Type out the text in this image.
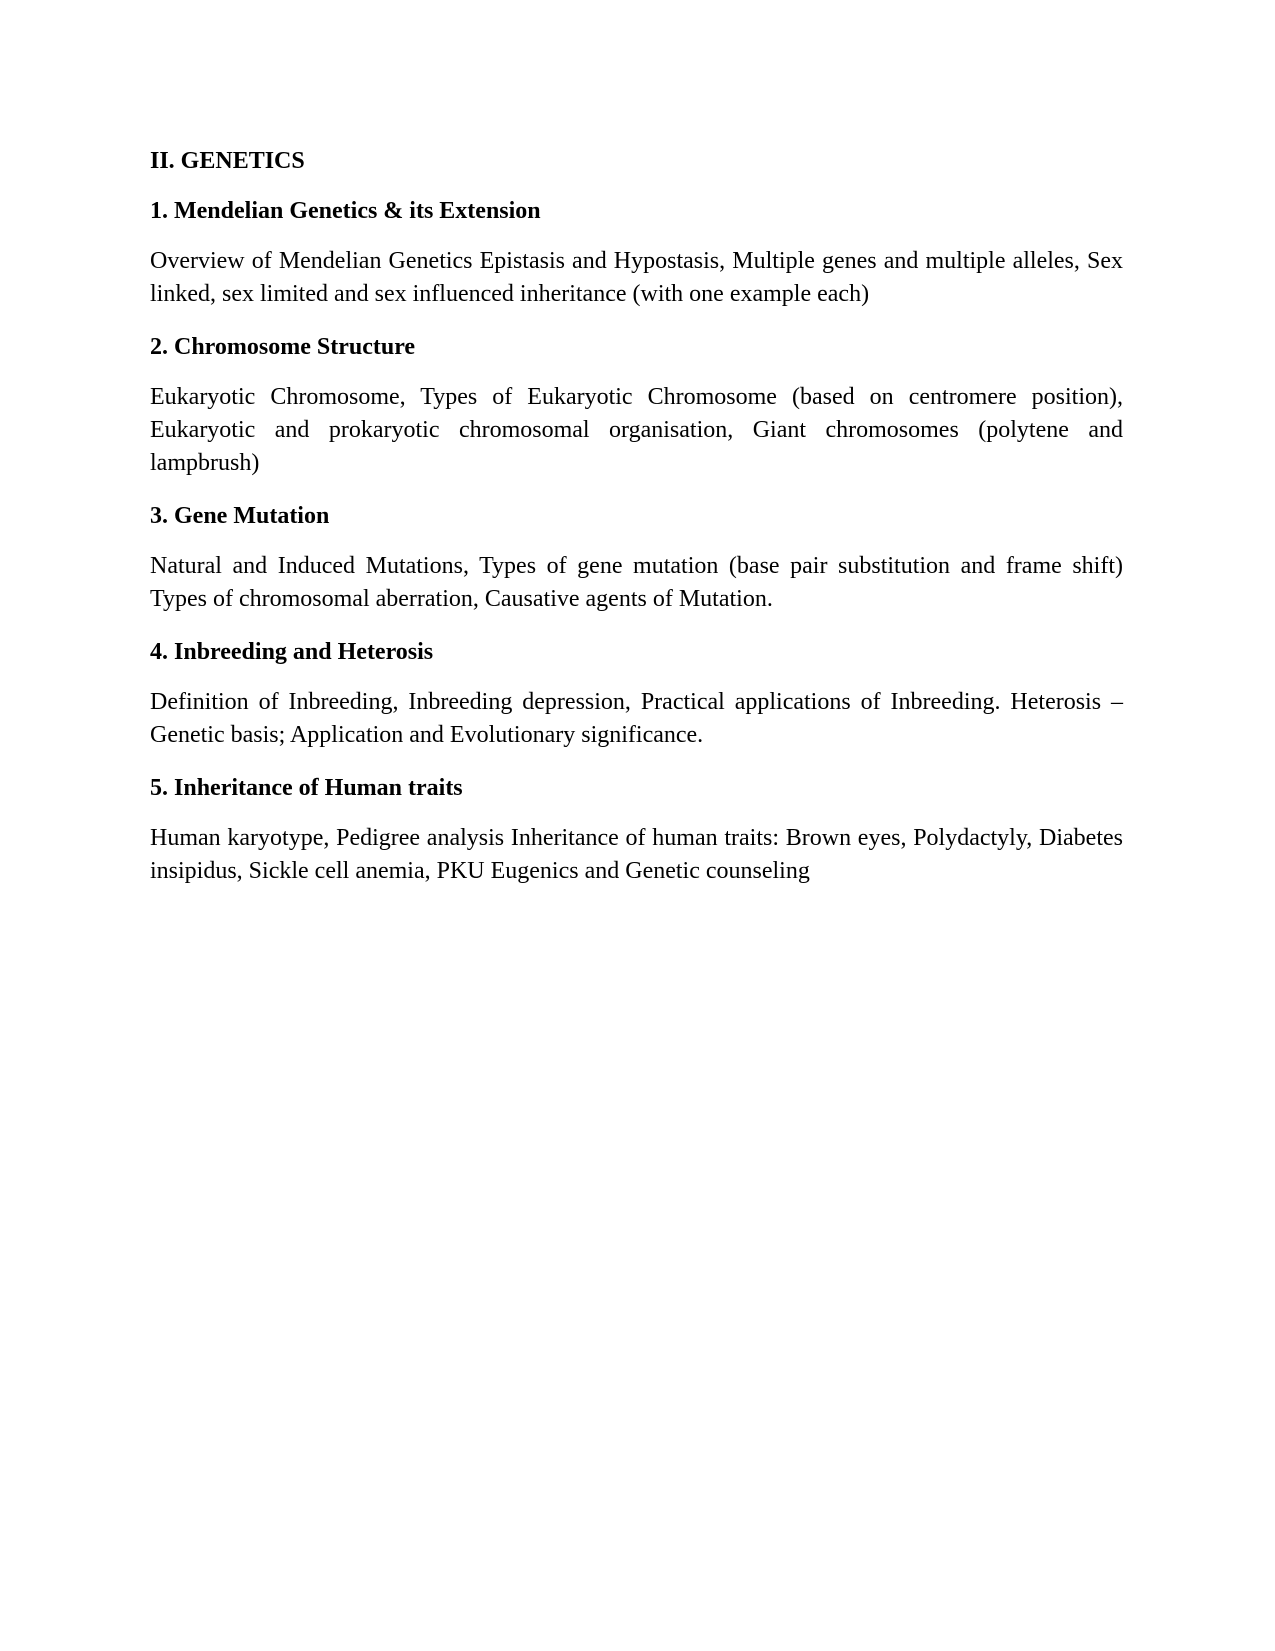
II. GENETICS
1. Mendelian Genetics & its Extension
Overview of Mendelian Genetics Epistasis and Hypostasis, Multiple genes and multiple alleles, Sex linked, sex limited and sex influenced inheritance (with one example each)
2. Chromosome Structure
Eukaryotic Chromosome, Types of Eukaryotic Chromosome (based on centromere position), Eukaryotic and prokaryotic chromosomal organisation, Giant chromosomes (polytene and lampbrush)
3. Gene Mutation
Natural and Induced Mutations, Types of gene mutation (base pair substitution and frame shift) Types of chromosomal aberration, Causative agents of Mutation.
4. Inbreeding and Heterosis
Definition of Inbreeding, Inbreeding depression, Practical applications of Inbreeding. Heterosis – Genetic basis; Application and Evolutionary significance.
5. Inheritance of Human traits
Human karyotype, Pedigree analysis Inheritance of human traits: Brown eyes, Polydactyly, Diabetes insipidus, Sickle cell anemia, PKU Eugenics and Genetic counseling
